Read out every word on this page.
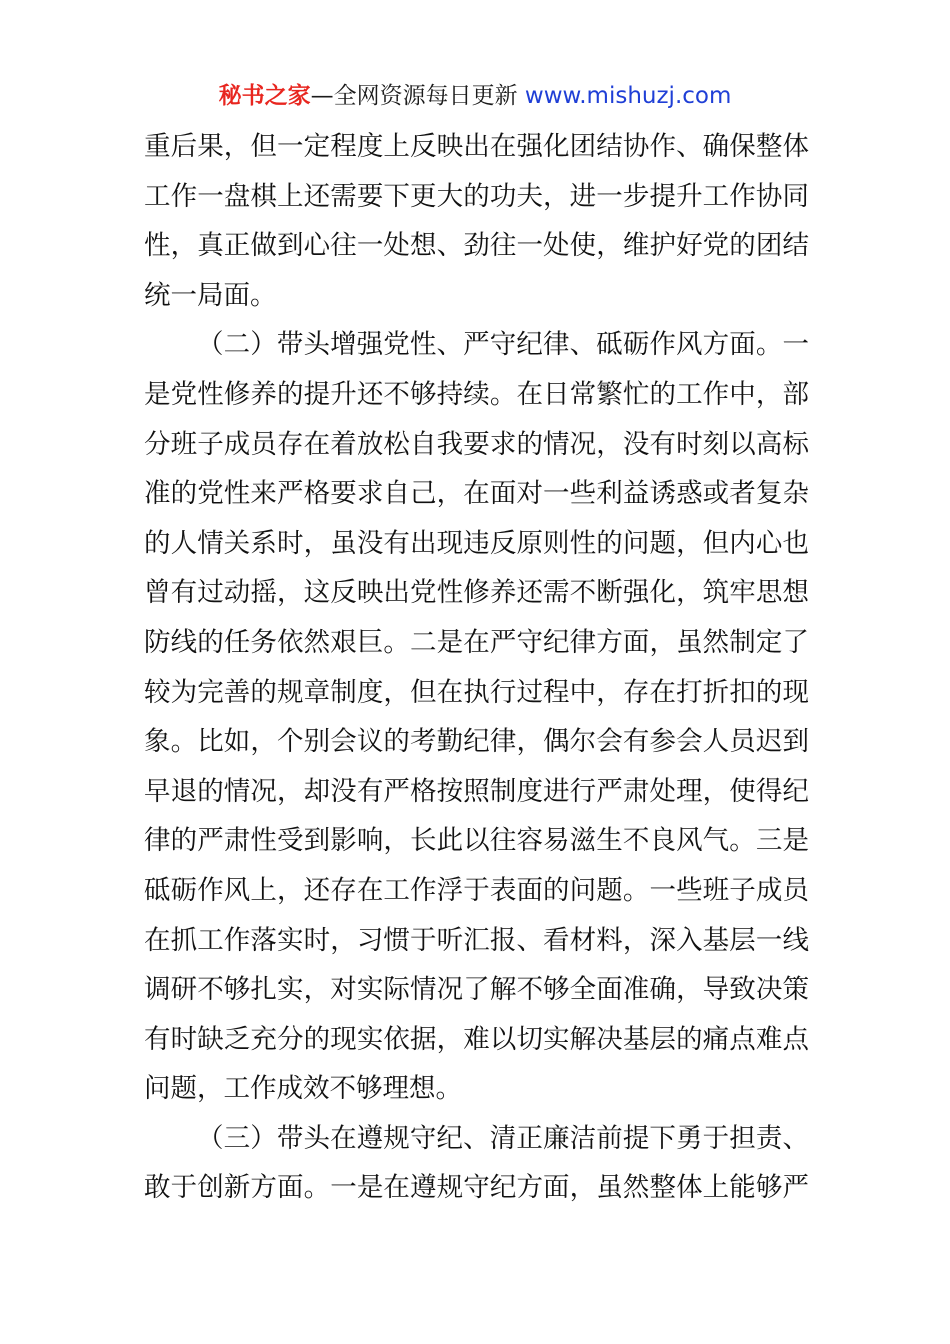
秘书之家—全网资源每日更新 www.mishuzj.com
重后果，但一定程度上反映出在强化团结协作、确保整体
工作一盘棋上还需要下更大的功夫，进一步提升工作协同
性，真正做到心往一处想、劲往一处使，维护好党的团结
统一局面。
（二）带头增强党性、严守纪律、砥砺作风方面。一
是党性修养的提升还不够持续。在日常繁忙的工作中，部
分班子成员存在着放松自我要求的情况，没有时刻以高标
准的党性来严格要求自己，在面对一些利益诱惑或者复杂
的人情关系时，虽没有出现违反原则性的问题，但内心也
曾有过动摇，这反映出党性修养还需不断强化，筑牢思想
防线的任务依然艰巨。二是在严守纪律方面，虽然制定了
较为完善的规章制度，但在执行过程中，存在打折扣的现
象。比如，个别会议的考勤纪律，偶尔会有参会人员迟到
早退的情况，却没有严格按照制度进行严肃处理，使得纪
律的严肃性受到影响，长此以往容易滋生不良风气。三是
砥砺作风上，还存在工作浮于表面的问题。一些班子成员
在抓工作落实时，习惯于听汇报、看材料，深入基层一线
调研不够扎实，对实际情况了解不够全面准确，导致决策
有时缺乏充分的现实依据，难以切实解决基层的痛点难点
问题，工作成效不够理想。
（三）带头在遵规守纪、清正廉洁前提下勇于担责、
敢于创新方面。一是在遵规守纪方面，虽然整体上能够严
